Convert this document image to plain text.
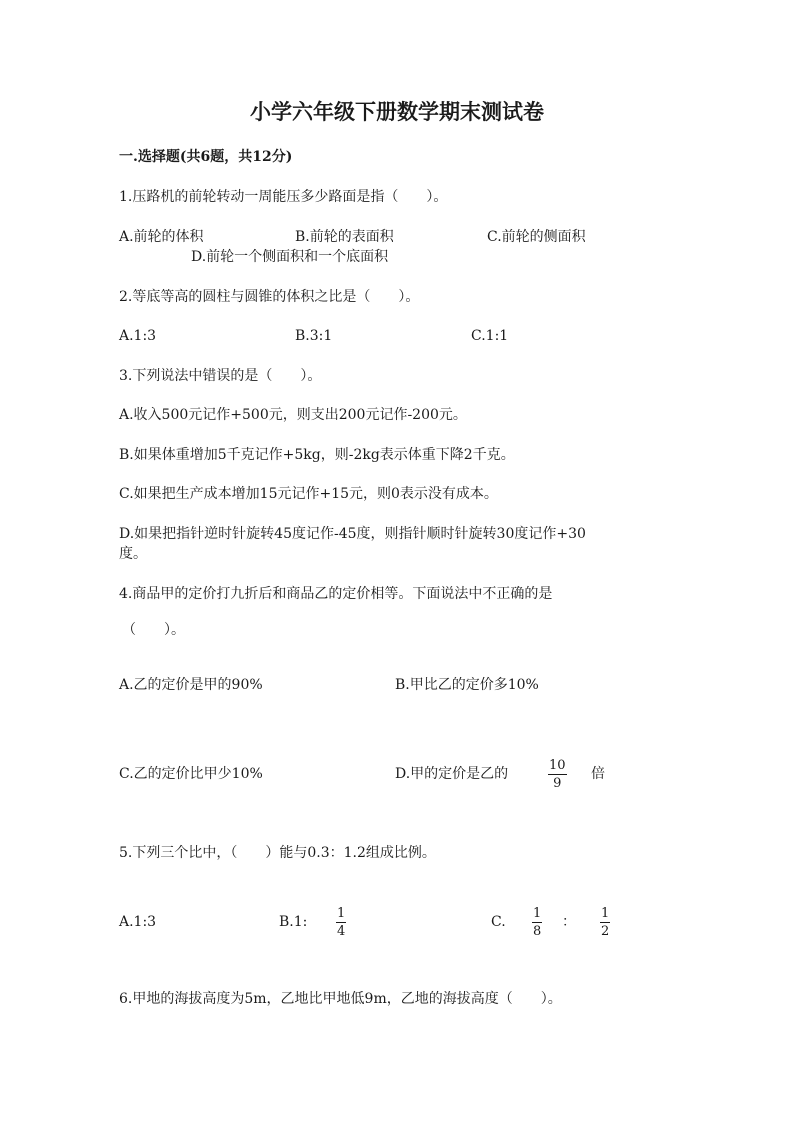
小学六年级下册数学期末测试卷
一.选择题(共6题，共12分)
1.压路机的前轮转动一周能压多少路面是指（　　）。
A.前轮的体积	B.前轮的表面积	C.前轮的侧面积
D.前轮一个侧面积和一个底面积
2.等底等高的圆柱与圆锥的体积之比是（　　）。
A.1:3	B.3:1	C.1:1
3.下列说法中错误的是（　　）。
A.收入500元记作+500元，则支出200元记作-200元。
B.如果体重增加5千克记作+5kg，则-2kg表示体重下降2千克。
C.如果把生产成本增加15元记作+15元，则0表示没有成本。
D.如果把指针逆时针旋转45度记作-45度，则指针顺时针旋转30度记作+30
度。
4.商品甲的定价打九折后和商品乙的定价相等。下面说法中不正确的是
（　　）。
A.乙的定价是甲的90%	B.甲比乙的定价多10%
C.乙的定价比甲少10%	D.甲的定价是乙的
10
9
倍
5.下列三个比中，（　　）能与0.3：1.2组成比例。
A.1:3	B.1:
1
4
C.
1
8
：
1
2
6.甲地的海拔高度为5m，乙地比甲地低9m，乙地的海拔高度（　　）。
